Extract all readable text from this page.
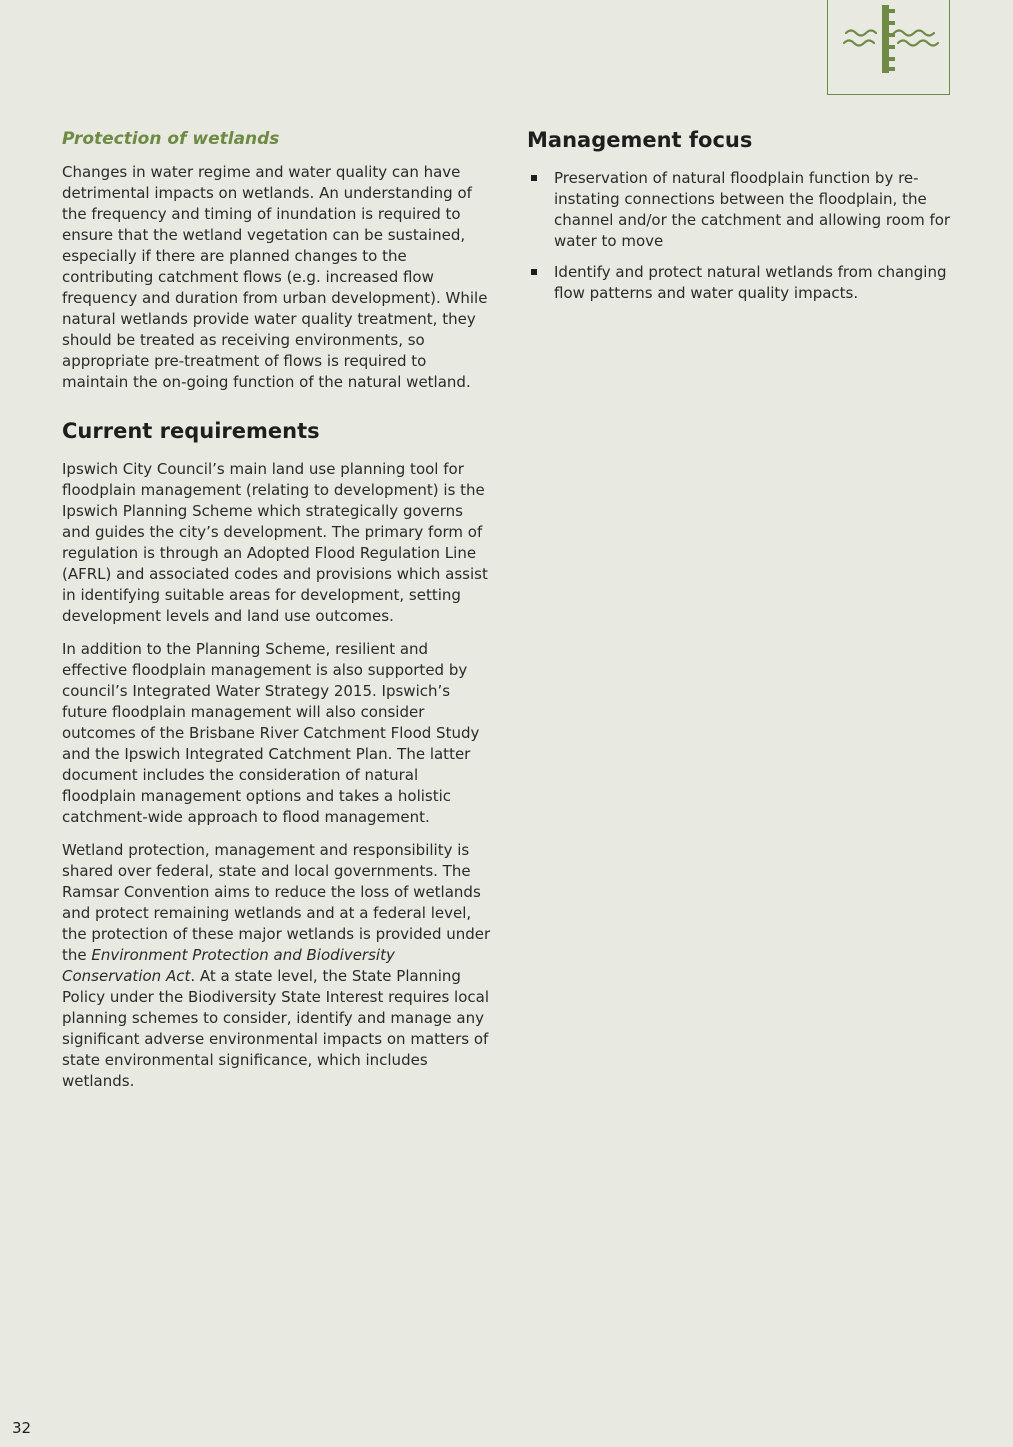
Protection of wetlands

Changes in water regime and water quality can have detrimental impacts on wetlands. An understanding of the frequency and timing of inundation is required to ensure that the wetland vegetation can be sustained, especially if there are planned changes to the contributing catchment flows (e.g. increased flow frequency and duration from urban development). While natural wetlands provide water quality treatment, they should be treated as receiving environments, so appropriate pre-treatment of flows is required to maintain the on-going function of the natural wetland.

Current requirements

Ipswich City Council’s main land use planning tool for floodplain management (relating to development) is the Ipswich Planning Scheme which strategically governs and guides the city’s development. The primary form of regulation is through an Adopted Flood Regulation Line (AFRL) and associated codes and provisions which assist in identifying suitable areas for development, setting development levels and land use outcomes.

In addition to the Planning Scheme, resilient and effective floodplain management is also supported by council’s Integrated Water Strategy 2015. Ipswich’s future floodplain management will also consider outcomes of the Brisbane River Catchment Flood Study and the Ipswich Integrated Catchment Plan. The latter document includes the consideration of natural floodplain management options and takes a holistic catchment-wide approach to flood management.

Wetland protection, management and responsibility is shared over federal, state and local governments. The Ramsar Convention aims to reduce the loss of wetlands and protect remaining wetlands and at a federal level, the protection of these major wetlands is provided under the Environment Protection and Biodiversity Conservation Act. At a state level, the State Planning Policy under the Biodiversity State Interest requires local planning schemes to consider, identify and manage any significant adverse environmental impacts on matters of state environmental significance, which includes wetlands.

Management focus
Preservation of natural floodplain function by re-instating connections between the floodplain, the channel and/or the catchment and allowing room for water to move
Identify and protect natural wetlands from changing flow patterns and water quality impacts.
32
